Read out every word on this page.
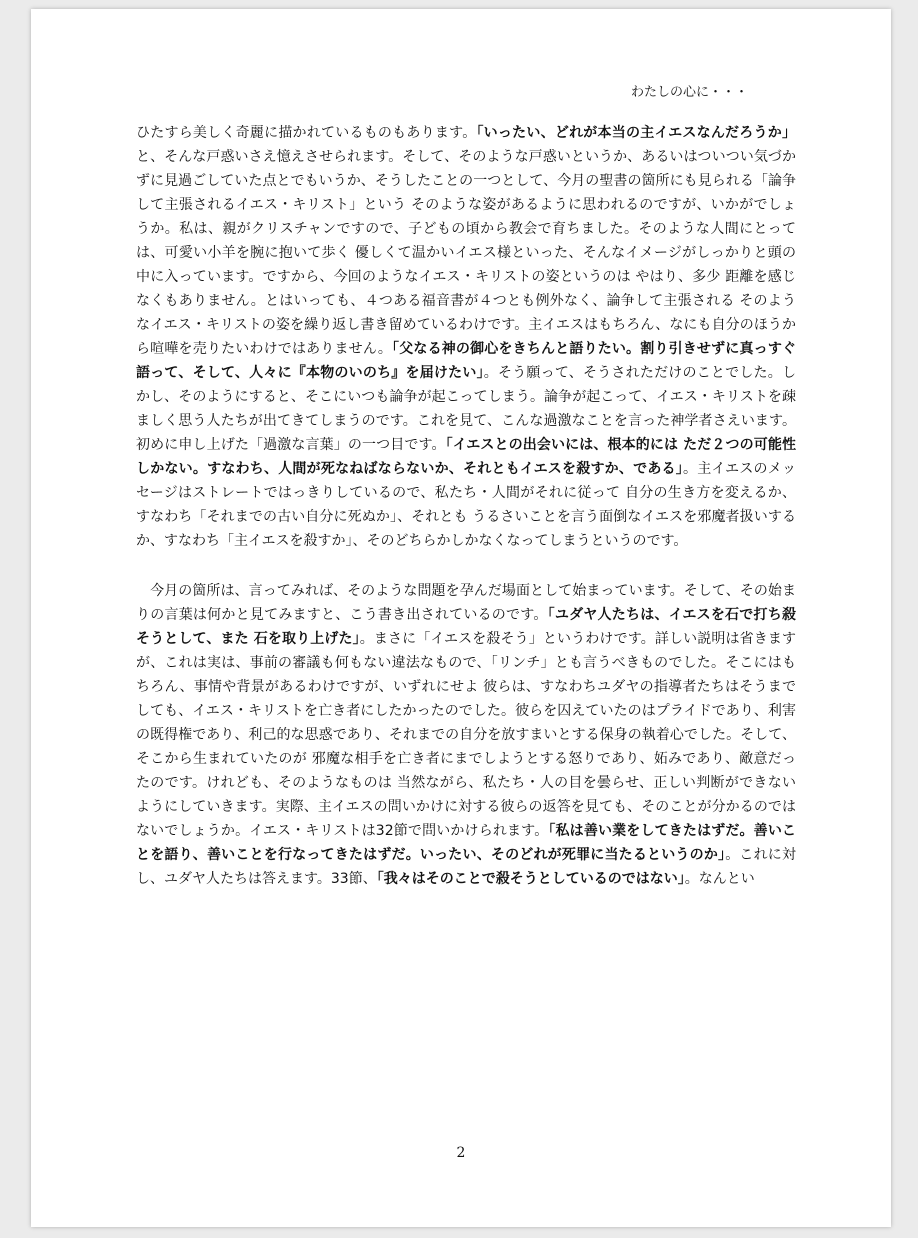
わたしの心に・・・

ひたすら美しく奇麗に描かれているものもあります。「いったい、どれが本当の主イエスなんだろうか」と、そんな戸惑いさえ憶えさせられます。そして、そのような戸惑いというか、あるいはついつい気づかずに見過ごしていた点とでもいうか、そうしたことの一つとして、今月の聖書の箇所にも見られる「論争して主張されるイエス・キリスト」という そのような姿があるように思われるのですが、いかがでしょうか。私は、親がクリスチャンですので、子どもの頃から教会で育ちました。そのような人間にとっては、可愛い小羊を腕に抱いて歩く 優しくて温かいイエス様といった、そんなイメージがしっかりと頭の中に入っています。ですから、今回のようなイエス・キリストの姿というのは やはり、多少 距離を感じなくもありません。とはいっても、４つある福音書が４つとも例外なく、論争して主張される そのようなイエス・キリストの姿を繰り返し書き留めているわけです。主イエスはもちろん、なにも自分のほうから喧嘩を売りたいわけではありません。「父なる神の御心をきちんと語りたい。割り引きせずに真っすぐ語って、そして、人々に『本物のいのち』を届けたい」。そう願って、そうされただけのことでした。しかし、そのようにすると、そこにいつも論争が起こってしまう。論争が起こって、イエス・キリストを疎ましく思う人たちが出てきてしまうのです。これを見て、こんな過激なことを言った神学者さえいます。初めに申し上げた「過激な言葉」の一つ目です。「イエスとの出会いには、根本的には ただ２つの可能性しかない。すなわち、人間が死なねばならないか、それともイエスを殺すか、である」。主イエスのメッセージはストレートではっきりしているので、私たち・人間がそれに従って 自分の生き方を変えるか、すなわち「それまでの古い自分に死ぬか」、それとも うるさいことを言う面倒なイエスを邪魔者扱いするか、すなわち「主イエスを殺すか」、そのどちらかしかなくなってしまうというのです。

　今月の箇所は、言ってみれば、そのような問題を孕んだ場面として始まっています。そして、その始まりの言葉は何かと見てみますと、こう書き出されているのです。「ユダヤ人たちは、イエスを石で打ち殺そうとして、また 石を取り上げた」。まさに「イエスを殺そう」というわけです。詳しい説明は省きますが、これは実は、事前の審議も何もない違法なもので、「リンチ」とも言うべきものでした。そこにはもちろん、事情や背景があるわけですが、いずれにせよ 彼らは、すなわちユダヤの指導者たちはそうまでしても、イエス・キリストを亡き者にしたかったのでした。彼らを囚えていたのはプライドであり、利害の既得権であり、利己的な思惑であり、それまでの自分を放すまいとする保身の執着心でした。そして、そこから生まれていたのが 邪魔な相手を亡き者にまでしようとする怒りであり、妬みであり、敵意だったのです。けれども、そのようなものは 当然ながら、私たち・人の目を曇らせ、正しい判断ができないようにしていきます。実際、主イエスの問いかけに対する彼らの返答を見ても、そのことが分かるのではないでしょうか。イエス・キリストは32節で問いかけられます。「私は善い業をしてきたはずだ。善いことを語り、善いことを行なってきたはずだ。いったい、そのどれが死罪に当たるというのか」。これに対し、ユダヤ人たちは答えます。33節、「我々はそのことで殺そうとしているのではない」。なんとい

2
